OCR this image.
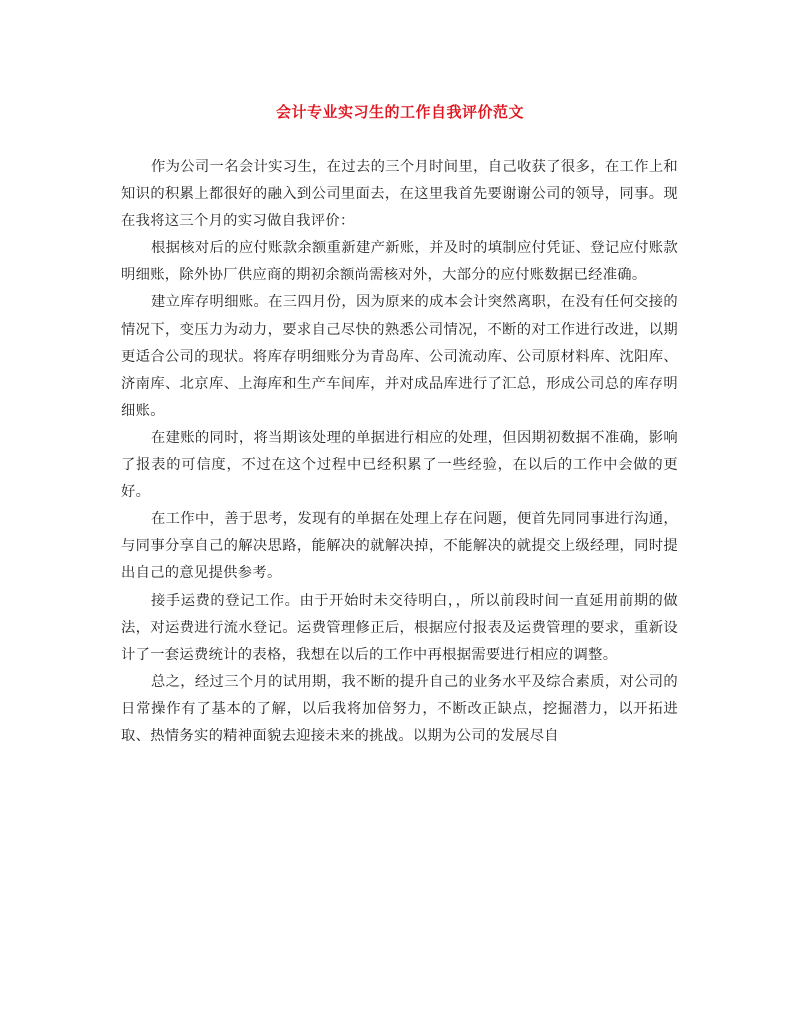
会计专业实习生的工作自我评价范文

作为公司一名会计实习生，在过去的三个月时间里，自己收获了很多，在工作上和知识的积累上都很好的融入到公司里面去，在这里我首先要谢谢公司的领导，同事。现在我将这三个月的实习做自我评价：

根据核对后的应付账款余额重新建产新账，并及时的填制应付凭证、登记应付账款明细账，除外协厂供应商的期初余额尚需核对外，大部分的应付账数据已经准确。

建立库存明细账。在三四月份，因为原来的成本会计突然离职，在没有任何交接的情况下，变压力为动力，要求自己尽快的熟悉公司情况，不断的对工作进行改进，以期更适合公司的现状。将库存明细账分为青岛库、公司流动库、公司原材料库、沈阳库、济南库、北京库、上海库和生产车间库，并对成品库进行了汇总，形成公司总的库存明细账。

在建账的同时，将当期该处理的单据进行相应的处理，但因期初数据不准确，影响了报表的可信度，不过在这个过程中已经积累了一些经验，在以后的工作中会做的更好。

在工作中，善于思考，发现有的单据在处理上存在问题，便首先同同事进行沟通，与同事分享自己的解决思路，能解决的就解决掉，不能解决的就提交上级经理，同时提出自己的意见提供参考。

接手运费的登记工作。由于开始时未交待明白，，所以前段时间一直延用前期的做法，对运费进行流水登记。运费管理修正后，根据应付报表及运费管理的要求，重新设计了一套运费统计的表格，我想在以后的工作中再根据需要进行相应的调整。

总之，经过三个月的试用期，我不断的提升自己的业务水平及综合素质，对公司的日常操作有了基本的了解，以后我将加倍努力，不断改正缺点，挖掘潜力，以开拓进取、热情务实的精神面貌去迎接未来的挑战。以期为公司的发展尽自
